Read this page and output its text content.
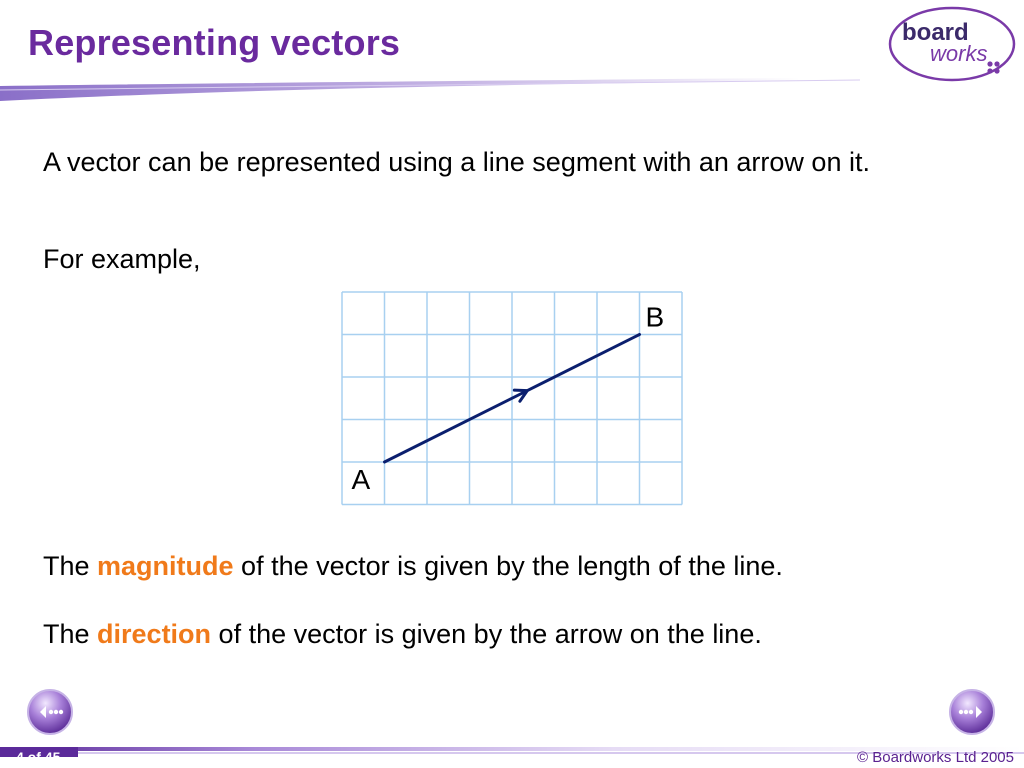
Representing vectors	board
works
A vector can be represented using a line segment with an arrow on it.
For example,
A
B
The magnitude of the vector is given by the length of the line.
The direction of the vector is given by the arrow on the line.
4 of 45	© Boardworks Ltd 2005
